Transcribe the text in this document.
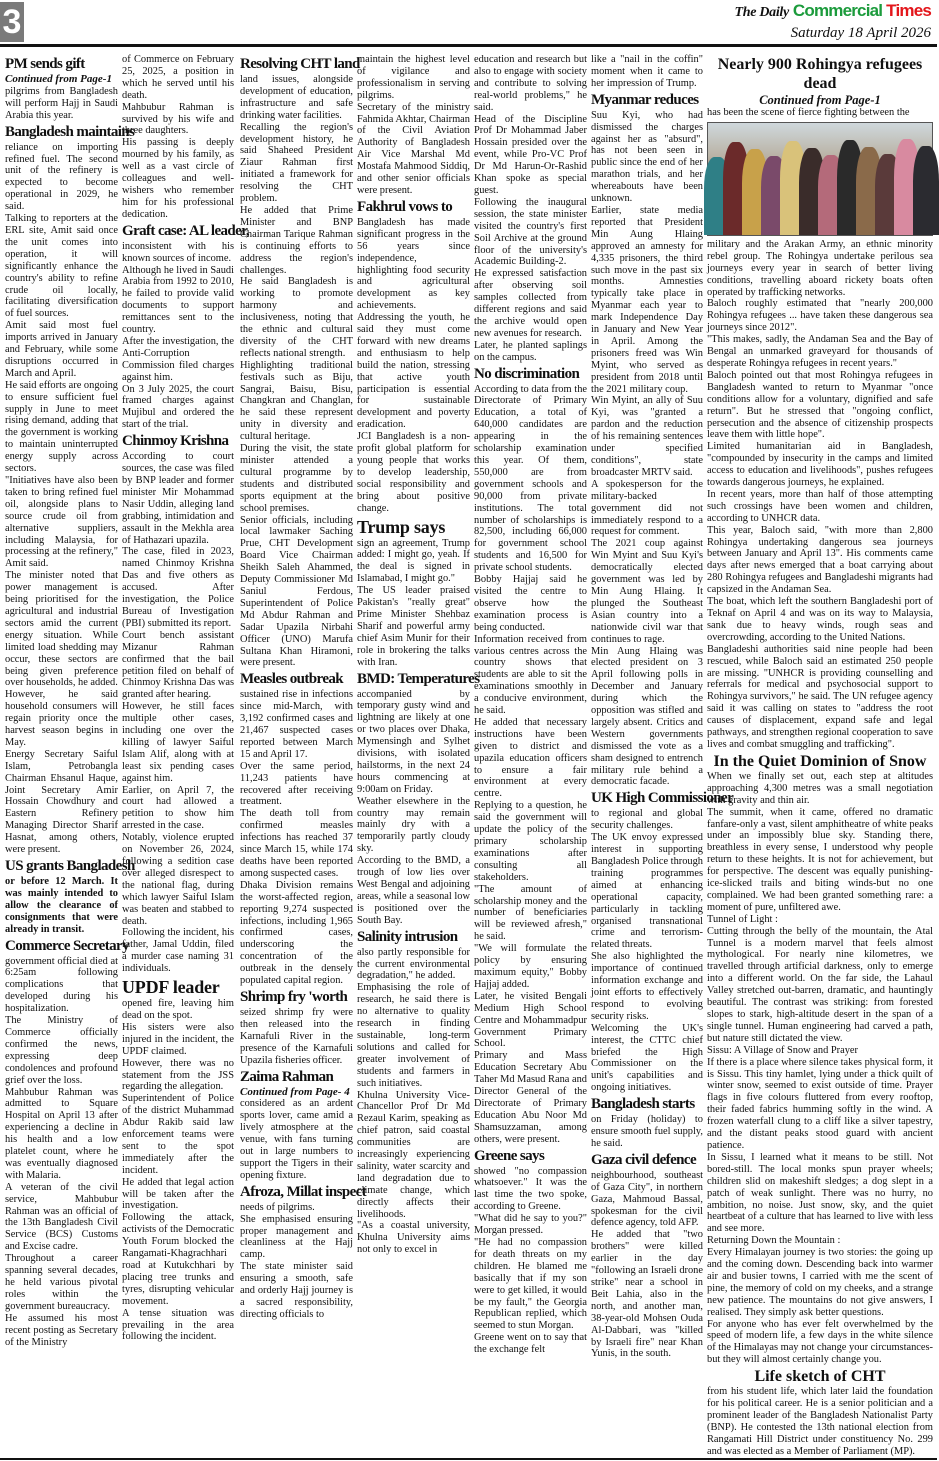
3	The Daily Commercial Times
Saturday 18 April 2026
PM sends gift

Continued from Page-1

pilgrims from Bangladesh will perform Hajj in Saudi Arabia this year.

Bangladesh maintains

reliance on importing refined fuel. The second unit of the refinery is expected to become operational in 2029, he said.

Talking to reporters at the ERL site, Amit said once the unit comes into operation, it will significantly enhance the country's ability to refine crude oil locally, facilitating diversification of fuel sources.

Amit said most fuel imports arrived in January and February, while some disruptions occurred in March and April.

He said efforts are ongoing to ensure sufficient fuel supply in June to meet rising demand, adding that the government is working to maintain uninterrupted energy supply across sectors.

"Initiatives have also been taken to bring refined fuel oil, alongside plans to source crude oil from alternative suppliers, including Malaysia, for processing at the refinery," Amit said.

The minister noted that power management is being prioritised for the agricultural and industrial sectors amid the current energy situation. While limited load shedding may occur, these sectors are being given preference over households, he added.

However, he said household consumers will regain priority once the harvest season begins in May.

Energy Secretary Saiful Islam, Petrobangla Chairman Ehsanul Haque, Joint Secretary Amir Hossain Chowdhury and Eastern Refinery Managing Director Sharif Hasnat, among others, were present.

US grants Bangladesh

or before 12 March. It was mainly intended to allow the clearance of consignments that were already in transit.

Commerce Secretary

government official died at 6:25am following complications that developed during his hospitalization.

The Ministry of Commerce officially confirmed the news, expressing deep condolences and profound grief over the loss.

Mahbubur Rahman was admitted to Square Hospital on April 13 after experiencing a decline in his health and a low platelet count, where he was eventually diagnosed with Malaria.

A veteran of the civil service, Mahbubur Rahman was an official of the 13th Bangladesh Civil Service (BCS) Customs and Excise cadre.

Throughout a career spanning several decades, he held various pivotal roles within the government bureaucracy.

He assumed his most recent posting as Secretary of the Ministry

of Commerce on February 25, 2025, a position in which he served until his death.

Mahbubur Rahman is survived by his wife and three daughters.

His passing is deeply mourned by his family, as well as a vast circle of colleagues and well-wishers who remember him for his professional dedication.

Graft case: AL leader,

inconsistent with his known sources of income.

Although he lived in Saudi Arabia from 1992 to 2010, he failed to provide valid documents to support remittances sent to the country.

After the investigation, the Anti-Corruption Commission filed charges against him.

On 3 July 2025, the court framed charges against Mujibul and ordered the start of the trial.

Chinmoy Krishna

According to court sources, the case was filed by BNP leader and former minister Mir Mohammad Nasir Uddin, alleging land grabbing, intimidation and assault in the Mekhla area of Hathazari upazila.

The case, filed in 2023, named Chinmoy Krishna Das and five others as accused. After investigation, the Police Bureau of Investigation (PBI) submitted its report.

Court bench assistant Mizanur Rahman confirmed that the bail petition filed on behalf of Chinmoy Krishna Das was granted after hearing.

However, he still faces multiple other cases, including one over the killing of lawyer Saiful Islam Alif, along with at least six pending cases against him.

Earlier, on April 7, the court had allowed a petition to show him arrested in the case.

Notably, violence erupted on November 26, 2024, following a sedition case over alleged disrespect to the national flag, during which lawyer Saiful Islam was beaten and stabbed to death.

Following the incident, his father, Jamal Uddin, filed a murder case naming 31 individuals.

UPDF leader

opened fire, leaving him dead on the spot.

His sisters were also injured in the incident, the UPDF claimed.

However, there was no statement from the JSS regarding the allegation.

Superintendent of Police of the district Muhammad Abdur Rakib said law enforcement teams were sent to the spot immediately after the incident.

He added that legal action will be taken after the investigation.

Following the attack, activists of the Democratic Youth Forum blocked the Rangamati-Khagrachhari road at Kutukchhari by placing tree trunks and tyres, disrupting vehicular movement.

A tense situation was prevailing in the area following the incident.

Resolving CHT land

land issues, alongside development of education, infrastructure and safe drinking water facilities.

Recalling the region's development history, he said Shaheed President Ziaur Rahman first initiated a framework for resolving the CHT problem.

He added that Prime Minister and BNP Chairman Tarique Rahman is continuing efforts to address the region's challenges.

He said Bangladesh is working to promote harmony and inclusiveness, noting that the ethnic and cultural diversity of the CHT reflects national strength.

Highlighting traditional festivals such as Biju, Sangrai, Baisu, Bisu, Changkran and Changlan, he said these represent unity in diversity and cultural heritage.

During the visit, the state minister attended a cultural programme by students and distributed sports equipment at the school premises.

Senior officials, including local lawmaker Saching Prue, CHT Development Board Vice Chairman Sheikh Saleh Ahammed, Deputy Commissioner Md Saniul Ferdous, Superintendent of Police Md Abdur Rahman and Sadar Upazila Nirbahi Officer (UNO) Marufa Sultana Khan Hiramoni, were present.

Measles outbreak

sustained rise in infections since mid-March, with 3,192 confirmed cases and 21,467 suspected cases reported between March 15 and April 17.

Over the same period, 11,243 patients have recovered after receiving treatment.

The death toll from confirmed measles infections has reached 37 since March 15, while 174 deaths have been reported among suspected cases.

Dhaka Division remains the worst-affected region, reporting 9,274 suspected infections, including 1,965 confirmed cases, underscoring the concentration of the outbreak in the densely populated capital region.

Shrimp fry 'worth

seized shrimp fry were then released into the Karnafuli River in the presence of the Karnafuli Upazila fisheries officer.

Zaima Rahman

Continued from Page- 4

considered as an ardent sports lover, came amid a lively atmosphere at the venue, with fans turning out in large numbers to support the Tigers in their opening fixture.

Afroza, Millat inspect

needs of pilgrims.

She emphasised ensuring proper management and cleanliness at the Hajj camp.

The state minister said ensuring a smooth, safe and orderly Hajj journey is a sacred responsibility, directing officials to

maintain the highest level of vigilance and professionalism in serving pilgrims.

Secretary of the ministry Fahmida Akhtar, Chairman of the Civil Aviation Authority of Bangladesh Air Vice Marshal Md Mostafa Mahmood Siddiq, and other senior officials were present.

Fakhrul vows to

Bangladesh has made significant progress in the 56 years since independence, highlighting food security and agricultural development as key achievements.

Addressing the youth, he said they must come forward with new dreams and enthusiasm to help build the nation, stressing that active youth participation is essential for sustainable development and poverty eradication.

JCI Bangladesh is a non-profit global platform for young people that works to develop leadership, social responsibility and bring about positive change.

Trump says

sign an agreement, Trump added: I might go, yeah. If the deal is signed in Islamabad, I might go."

The US leader praised Pakistan's "really great" Prime Minister Shehbaz Sharif and powerful army chief Asim Munir for their role in brokering the talks with Iran.

BMD: Temperatures

accompanied by temporary gusty wind and lightning are likely at one or two places over Dhaka, Mymensingh and Sylhet divisions, with isolated hailstorms, in the next 24 hours commencing at 9:00am on Friday.

Weather elsewhere in the country may remain mainly dry with a temporarily partly cloudy sky.

According to the BMD, a trough of low lies over West Bengal and adjoining areas, while a seasonal low is positioned over the South Bay.

Salinity intrusion

also partly responsible for the current environmental degradation," he added.

Emphasising the role of research, he said there is no alternative to quality research in finding sustainable, long-term solutions and called for greater involvement of students and farmers in such initiatives.

Khulna University Vice-Chancellor Prof Dr Md Rezaul Karim, speaking as chief patron, said coastal communities are increasingly experiencing salinity, water scarcity and land degradation due to climate change, which directly affects their livelihoods.

"As a coastal university, Khulna University aims not only to excel in

education and research but also to engage with society and contribute to solving real-world problems," he said.

Head of the Discipline Prof Dr Mohammad Jaber Hossain presided over the event, while Pro-VC Prof Dr Md Harun-Or-Rashid Khan spoke as special guest.

Following the inaugural session, the state minister visited the country's first Soil Archive at the ground floor of the university's Academic Building-2.

He expressed satisfaction after observing soil samples collected from different regions and said the archive would open new avenues for research.

Later, he planted saplings on the campus.

No discrimination

According to data from the Directorate of Primary Education, a total of 640,000 candidates are appearing in the scholarship examination this year. Of them, 550,000 are from government schools and 90,000 from private institutions. The total number of scholarships is 82,500, including 66,000 for government school students and 16,500 for private school students.

Bobby Hajjaj said he visited the centre to observe how the examination process is being conducted.

Information received from various centres across the country shows that students are able to sit the examinations smoothly in a conducive environment, he said.

He added that necessary instructions have been given to district and upazila education officers to ensure a fair environment at every centre.

Replying to a question, he said the government will update the policy of the primary scholarship examinations after consulting all stakeholders.

"The amount of scholarship money and the number of beneficiaries will be reviewed afresh," he said.

"We will formulate the policy by ensuring maximum equity," Bobby Hajjaj added.

Later, he visited Bengali Medium High School Centre and Mohammadpur Government Primary School.

Primary and Mass Education Secretary Abu Taher Md Masud Rana and Director General of the Directorate of Primary Education Abu Noor Md Shamsuzzaman, among others, were present.

Greene says

showed "no compassion whatsoever." It was the last time the two spoke, according to Greene.

"What did he say to you?" Morgan pressed.

"He had no compassion for death threats on my children. He blamed me basically that if my son were to get killed, it would be my fault," the Georgia Republican replied, which seemed to stun Morgan.

Greene went on to say that the exchange felt

like a "nail in the coffin" moment when it came to her impression of Trump.

Myanmar reduces

Suu Kyi, who had dismissed the charges against her as "absurd", has not been seen in public since the end of her marathon trials, and her whereabouts have been unknown.

Earlier, state media reported that President Min Aung Hlaing approved an amnesty for 4,335 prisoners, the third such move in the past six months. Amnesties typically take place in Myanmar each year to mark Independence Day in January and New Year in April. Among the prisoners freed was Win Myint, who served as president from 2018 until the 2021 military coup.

Win Myint, an ally of Suu Kyi, was "granted a pardon and the reduction of his remaining sentences under specified conditions", state broadcaster MRTV said.

A spokesperson for the military-backed government did not immediately respond to a request for comment.

The 2021 coup against Win Myint and Suu Kyi's democratically elected government was led by Min Aung Hlaing. It plunged the Southeast Asian country into a nationwide civil war that continues to rage.

Min Aung Hlaing was elected president on 3 April following polls in December and January during which the opposition was stifled and largely absent. Critics and Western governments dismissed the vote as a sham designed to entrench military rule behind a democratic facade.

UK High Commissioner

to regional and global security challenges.

The UK envoy expressed interest in supporting Bangladesh Police through training programmes aimed at enhancing operational capacity, particularly in tackling organised transnational crime and terrorism-related threats.

She also highlighted the importance of continued information exchange and joint efforts to effectively respond to evolving security risks.

Welcoming the UK's interest, the CTTC chief briefed the High Commissioner on the unit's capabilities and ongoing initiatives.

Bangladesh starts

on Friday (holiday) to ensure smooth fuel supply, he said.

Gaza civil defence

neighbourhood, southeast of Gaza City", in northern Gaza, Mahmoud Bassal, spokesman for the civil defence agency, told AFP.

He added that "two brothers" were killed earlier in the day "following an Israeli drone strike" near a school in Beit Lahia, also in the north, and another man, 38-year-old Mohsen Ouda Al-Dabbari, was "killed by Israeli fire" near Khan Yunis, in the south.

Nearly 900 Rohingya refugees dead

Continued from Page-1

has been the scene of fierce fighting between the

military and the Arakan Army, an ethnic minority rebel group. The Rohingya undertake perilous sea journeys every year in search of better living conditions, travelling aboard rickety boats often operated by trafficking networks.

Baloch roughly estimated that "nearly 200,000 Rohingya refugees ... have taken these dangerous sea journeys since 2012".

"This makes, sadly, the Andaman Sea and the Bay of Bengal an unmarked graveyard for thousands of desperate Rohingya refugees in recent years."

Baloch pointed out that most Rohingya refugees in Bangladesh wanted to return to Myanmar "once conditions allow for a voluntary, dignified and safe return". But he stressed that "ongoing conflict, persecution and the absence of citizenship prospects leave them with little hope".

Limited humanitarian aid in Bangladesh, "compounded by insecurity in the camps and limited access to education and livelihoods", pushes refugees towards dangerous journeys, he explained.

In recent years, more than half of those attempting such crossings have been women and children, according to UNHCR data.

This year, Baloch said, "with more than 2,800 Rohingya undertaking dangerous sea journeys between January and April 13". His comments came days after news emerged that a boat carrying about 280 Rohingya refugees and Bangladeshi migrants had capsized in the Andaman Sea.

The boat, which left the southern Bangladeshi port of Teknaf on April 4 and was on its way to Malaysia, sank due to heavy winds, rough seas and overcrowding, according to the United Nations.

Bangladeshi authorities said nine people had been rescued, while Baloch said an estimated 250 people are missing. "UNHCR is providing counselling and referrals for medical and psychosocial support to Rohingya survivors," he said. The UN refugee agency said it was calling on states to "address the root causes of displacement, expand safe and legal pathways, and strengthen regional cooperation to save lives and combat smuggling and trafficking".

In the Quiet Dominion of Snow

When we finally set out, each step at altitudes approaching 4,300 metres was a small negotiation with gravity and thin air.

The summit, when it came, offered no dramatic fanfare-only a vast, silent amphitheatre of white peaks under an impossibly blue sky. Standing there, breathless in every sense, I understood why people return to these heights. It is not for achievement, but for perspective. The descent was equally punishing-ice-slicked trails and biting winds-but no one complained. We had been granted something rare: a moment of pure, unfiltered awe.

Tunnel of Light :

Cutting through the belly of the mountain, the Atal Tunnel is a modern marvel that feels almost mythological. For nearly nine kilometres, we travelled through artificial darkness, only to emerge into a different world. On the far side, the Lahaul Valley stretched out-barren, dramatic, and hauntingly beautiful. The contrast was striking: from forested slopes to stark, high-altitude desert in the span of a single tunnel. Human engineering had carved a path, but nature still dictated the view.

Sissu: A Village of Snow and Prayer

If there is a place where silence takes physical form, it is Sissu. This tiny hamlet, lying under a thick quilt of winter snow, seemed to exist outside of time. Prayer flags in five colours fluttered from every rooftop, their faded fabrics humming softly in the wind. A frozen waterfall clung to a cliff like a silver tapestry, and the distant peaks stood guard with ancient patience.

In Sissu, I learned what it means to be still. Not bored-still. The local monks spun prayer wheels; children slid on makeshift sledges; a dog slept in a patch of weak sunlight. There was no hurry, no ambition, no noise. Just snow, sky, and the quiet heartbeat of a culture that has learned to live with less and see more.

Returning Down the Mountain :

Every Himalayan journey is two stories: the going up and the coming down. Descending back into warmer air and busier towns, I carried with me the scent of pine, the memory of cold on my cheeks, and a strange new patience. The mountains do not give answers, I realised. They simply ask better questions.

For anyone who has ever felt overwhelmed by the speed of modern life, a few days in the white silence of the Himalayas may not change your circumstances-but they will almost certainly change you.

Life sketch of CHT

from his student life, which later laid the foundation for his political career. He is a senior politician and a prominent leader of the Bangladesh Nationalist Party (BNP). He contested the 13th national election from Rangamati Hill District under constituency No. 299 and was elected as a Member of Parliament (MP).
